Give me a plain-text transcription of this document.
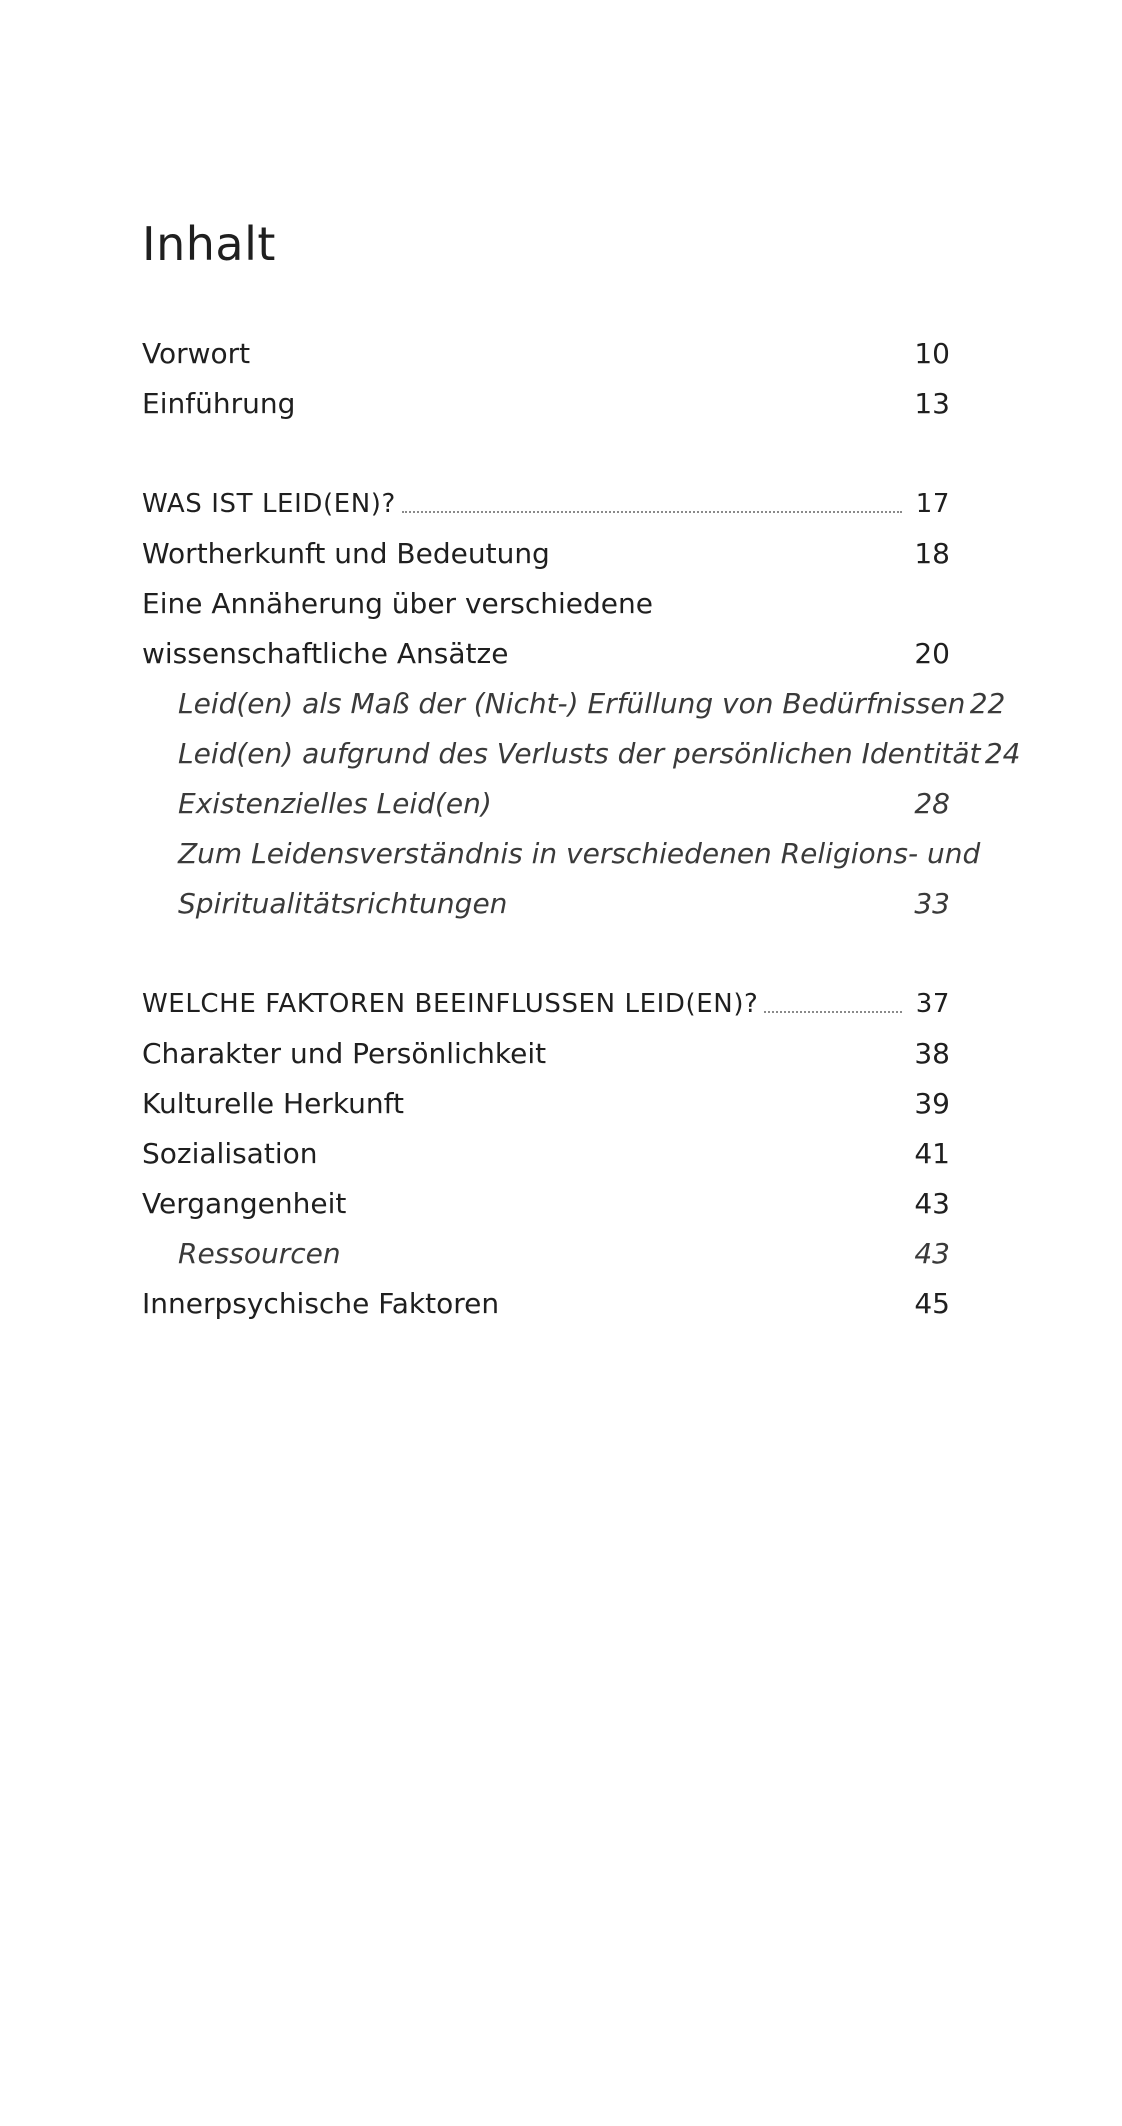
Inhalt
Vorwort	10
Einführung	13
WAS IST LEID(EN)?	17
Wortherkunft und Bedeutung	18
Eine Annäherung über verschiedene
wissenschaftliche Ansätze	20
Leid(en) als Maß der (Nicht-) Erfüllung von Bedürfnissen 22
Leid(en) aufgrund des Verlusts der persönlichen Identität 24
Existenzielles Leid(en)	28
Zum Leidensverständnis in verschiedenen Religions- und
Spiritualitätsrichtungen	33
WELCHE FAKTOREN BEEINFLUSSEN LEID(EN)?	37
Charakter und Persönlichkeit	38
Kulturelle Herkunft	39
Sozialisation	41
Vergangenheit	43
Ressourcen	43
Innerpsychische Faktoren	45
